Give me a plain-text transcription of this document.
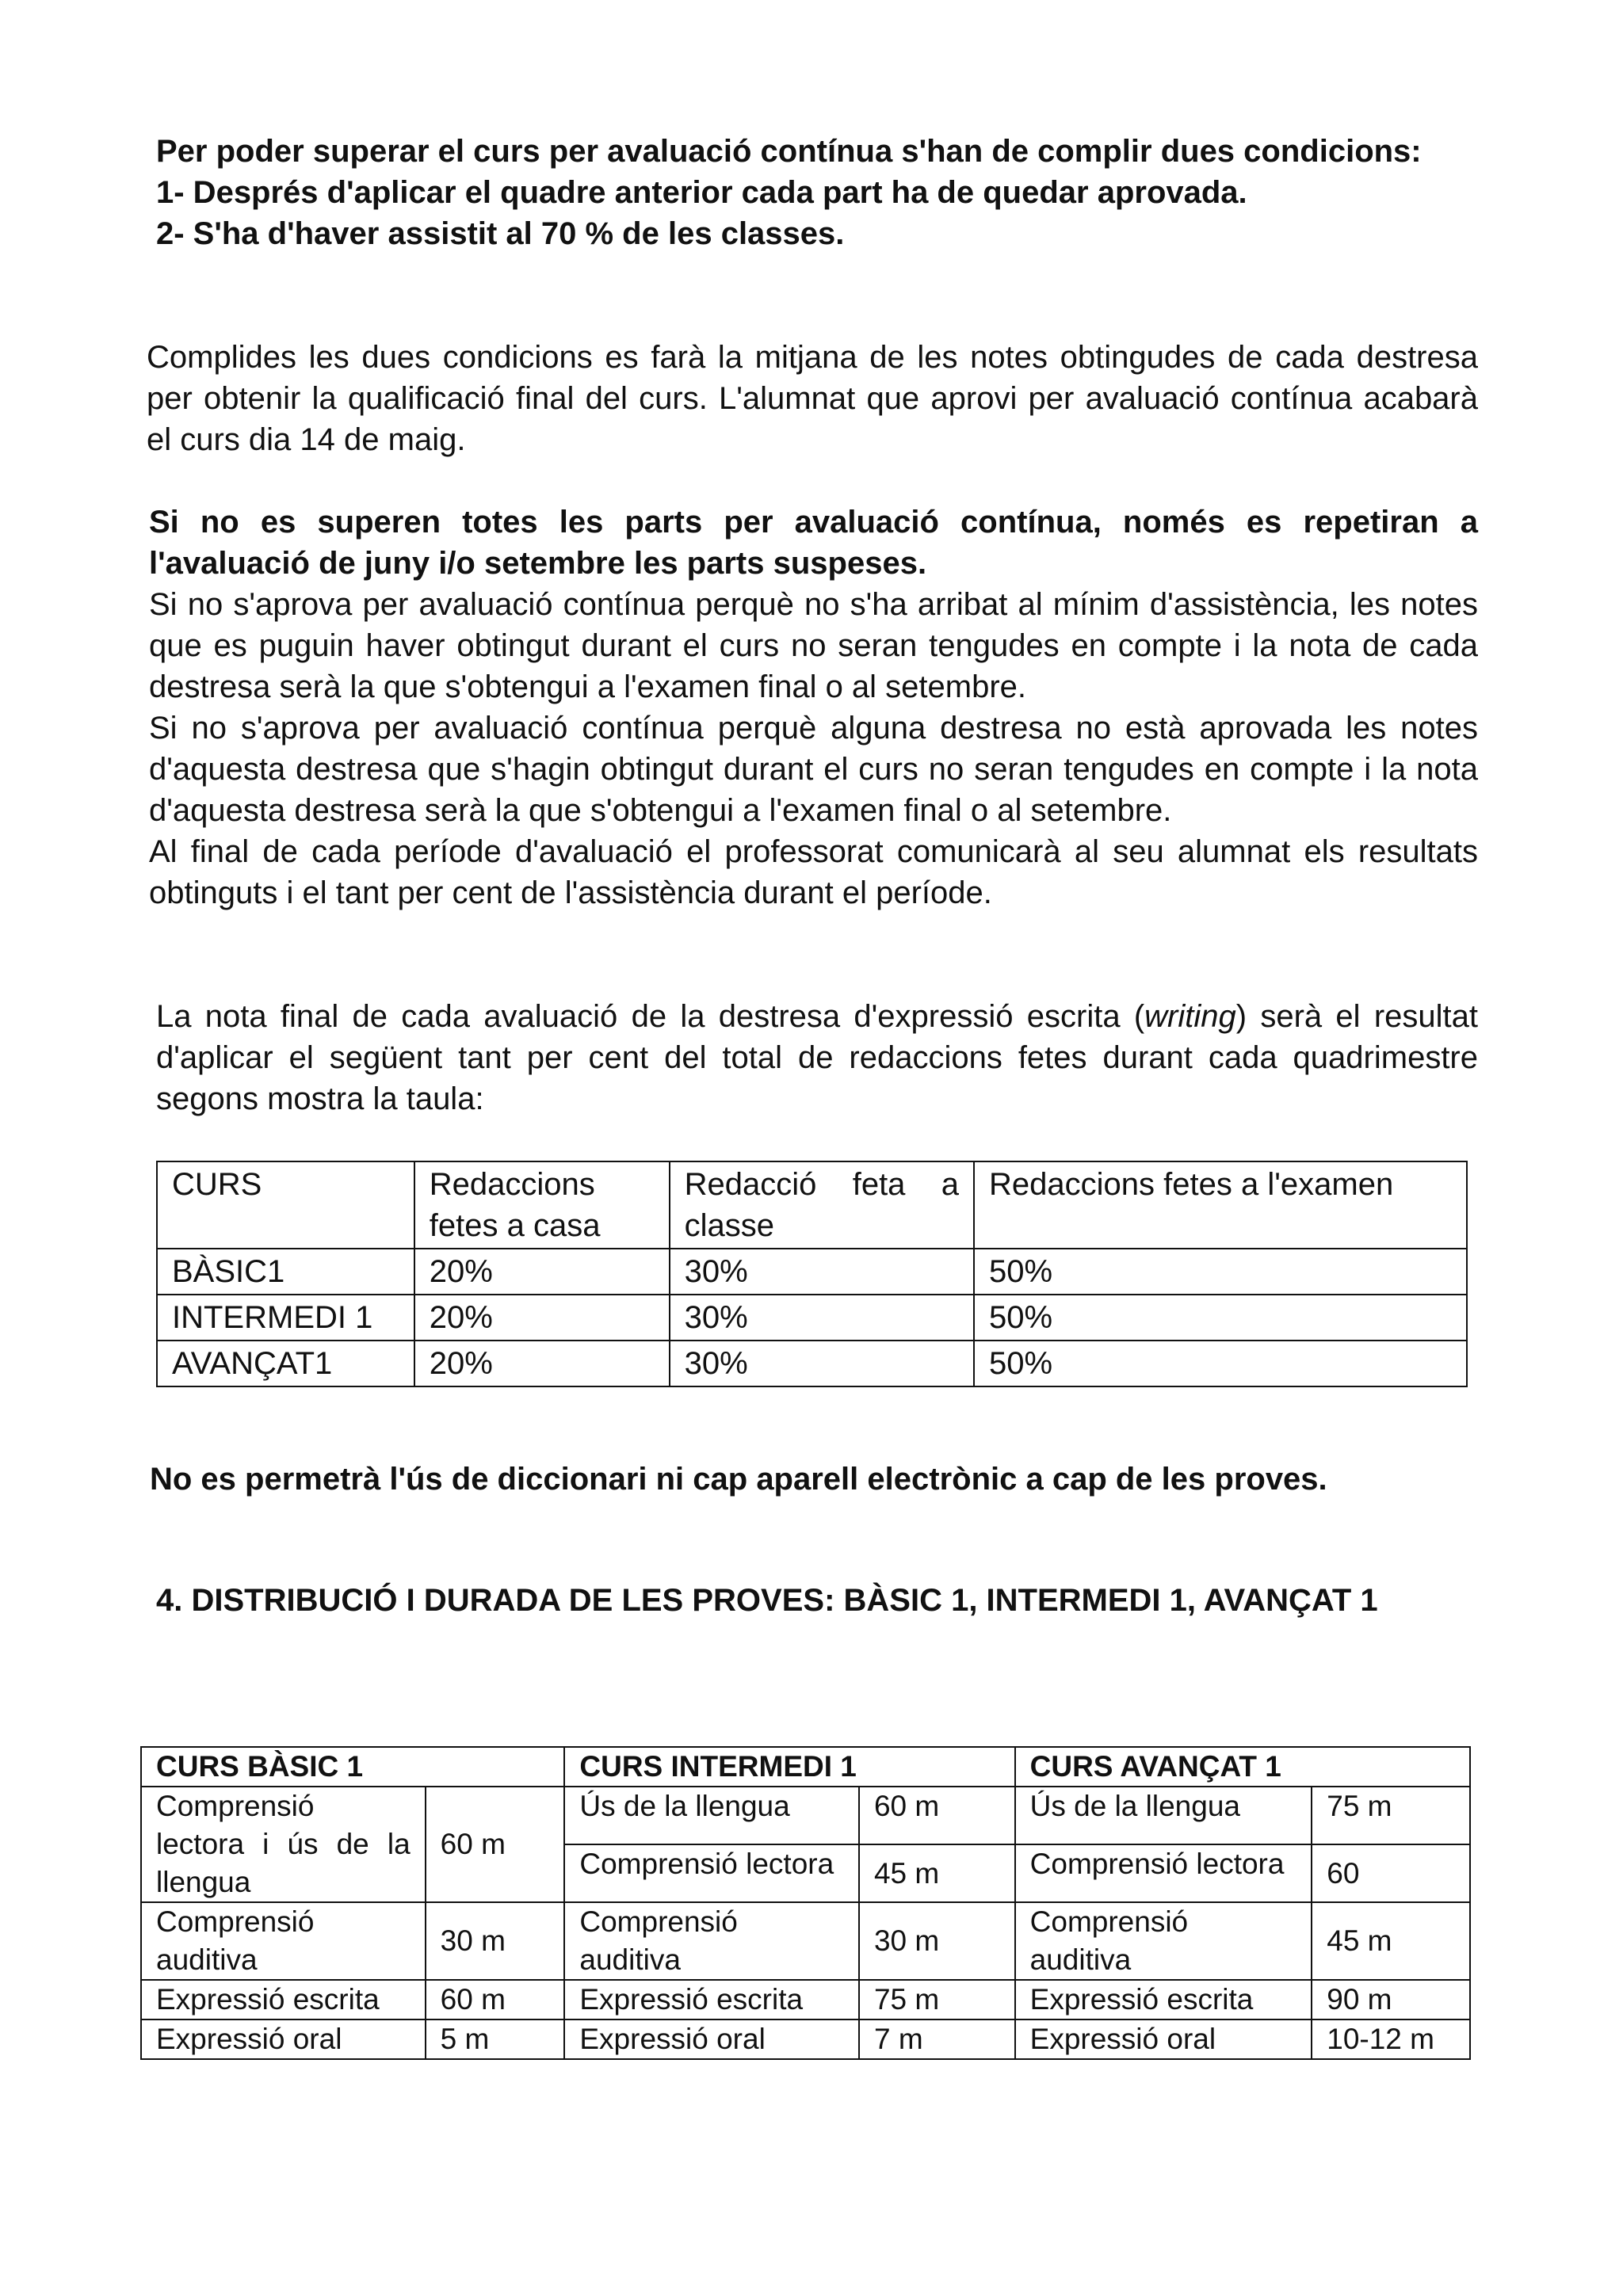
Per poder superar el curs per avaluació contínua s'han de complir dues condicions:

1- Després d'aplicar el quadre anterior cada part ha de quedar aprovada.

2- S'ha d'haver assistit al 70 % de les classes.

Complides les dues condicions es farà la mitjana de les notes obtingudes de cada destresa per obtenir la qualificació final del curs. L'alumnat que aprovi per avaluació contínua acabarà el curs dia 14 de maig.

Si no es superen totes les parts per avaluació contínua, només es repetiran a l'avaluació de juny i/o setembre les parts suspeses.

Si no s'aprova per avaluació contínua perquè no s'ha arribat al mínim d'assistència, les notes que es puguin haver obtingut durant el curs no seran tengudes en compte i la nota de cada destresa serà la que s'obtengui a l'examen final o al setembre.

Si no s'aprova per avaluació contínua perquè alguna destresa no està aprovada les notes d'aquesta destresa que s'hagin obtingut durant el curs no seran tengudes en compte i la nota d'aquesta destresa serà la que s'obtengui a l'examen final o al setembre.

Al final de cada període d'avaluació el professorat comunicarà al seu alumnat els resultats obtinguts i el tant per cent de l'assistència durant el període.

La nota final de cada avaluació de la destresa d'expressió escrita (writing) serà el resultat d'aplicar el següent tant per cent del total de redaccions fetes durant cada quadrimestre segons mostra la taula:

CURS	Redaccions fetes a casa	Redacció feta a classe	Redaccions fetes a l'examen
BÀSIC1	20%	30%	50%
INTERMEDI 1	20%	30%	50%
AVANÇAT1	20%	30%	50%

No es permetrà l'ús de diccionari ni cap aparell electrònic a cap de les proves.

4. DISTRIBUCIÓ I DURADA DE LES PROVES: BÀSIC 1, INTERMEDI 1, AVANÇAT 1

CURS BÀSIC 1		CURS INTERMEDI 1		CURS AVANÇAT 1	
Comprensió lectora i ús de la llengua	60 m	Ús de la llengua	60 m	Ús de la llengua	75 m
		Comprensió lectora	45 m	Comprensió lectora	60
Comprensió auditiva	30 m	Comprensió auditiva	30 m	Comprensió auditiva	45 m
Expressió escrita	60 m	Expressió escrita	75 m	Expressió escrita	90 m
Expressió oral	5 m	Expressió oral	7 m	Expressió oral	10-12 m
